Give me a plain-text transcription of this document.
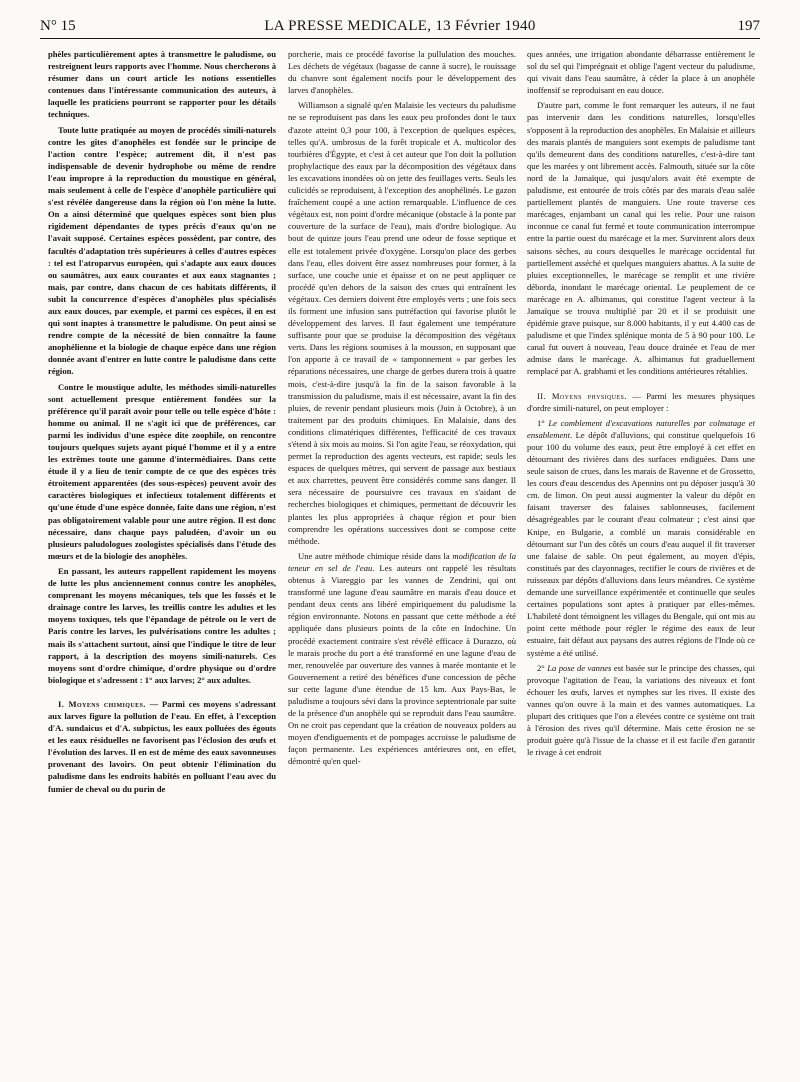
N° 15	LA PRESSE MEDICALE, 13 Février 1940	197

phèles particulièrement aptes à transmettre le paludisme, ou restreignent leurs rapports avec l'homme. Nous chercherons à résumer dans un court article les notions essentielles contenues dans l'intéressante communication des auteurs, à laquelle les praticiens pourront se rapporter pour les détails techniques.

Toute lutte pratiquée au moyen de procédés simili-naturels contre les gîtes d'anophèles est fondée sur le principe de l'action contre l'espèce; autrement dit, il n'est pas indispensable de devenir hydrophobe ou même de rendre l'eau impropre à la reproduction du moustique en général, mais seulement à celle de l'espèce d'anophèle particulière qui s'est révélée dangereuse dans la région où l'on mène la lutte. On a ainsi déterminé que quelques espèces sont bien plus rigidement dépendantes de types précis d'eaux qu'on ne l'avait supposé. Certaines espèces possèdent, par contre, des facultés d'adaptation très supérieures à celles d'autres espèces : tel est l'atroparvus européen, qui s'adapte aux eaux douces ou saumâtres, aux eaux courantes et aux eaux stagnantes ; mais, par contre, dans chacun de ces habitats différents, il subit la concurrence d'espèces d'anophèles plus spécialisés aux eaux douces, par exemple, et parmi ces espèces, il en est qui sont inaptes à transmettre le paludisme. On peut ainsi se rendre compte de la nécessité de bien connaître la faune anophélienne et la biologie de chaque espèce dans une région donnée avant d'entrer en lutte contre le paludisme dans cette région.

Contre le moustique adulte, les méthodes simili-naturelles sont actuellement presque entièrement fondées sur la préférence qu'il paraît avoir pour telle ou telle espèce d'hôte : homme ou animal. Il ne s'agit ici que de préférences, car parmi les individus d'une espèce dite zoophile, on rencontre toujours quelques sujets ayant piqué l'homme et il y a entre les extrêmes toute une gamme d'intermédiaires. Dans cette étude il y a lieu de tenir compte de ce que des espèces très étroitement apparentées (des sous-espèces) peuvent avoir des caractères biologiques et infectieux totalement différents et qu'une étude d'une espèce donnée, faite dans une région, n'est pas obligatoirement valable pour une autre région. Il est donc nécessaire, dans chaque pays paludéen, d'avoir un ou plusieurs paludologues zoologistes spécialisés dans l'étude des mœurs et de la biologie des anophèles.

En passant, les auteurs rappellent rapidement les moyens de lutte les plus anciennement connus contre les anophèles, comprenant les moyens mécaniques, tels que les fossés et le drainage contre les larves, les treillis contre les adultes et les moyens toxiques, tels que l'épandage de pétrole ou le vert de Paris contre les larves, les pulvérisations contre les adultes ; mais ils s'attachent surtout, ainsi que l'indique le titre de leur rapport, à la description des moyens simili-naturels. Ces moyens sont d'ordre chimique, d'ordre physique ou d'ordre biologique et s'adressent : 1° aux larves; 2° aux adultes.

I. Moyens chimiques. — Parmi ces moyens s'adressant aux larves figure la pollution de l'eau. En effet, à l'exception d'A. sundaicus et d'A. subpictus, les eaux polluées des égouts et les eaux résiduelles ne favorisent pas l'éclosion des œufs et l'évolution des larves. Il en est de même des eaux savonneuses provenant des lavoirs. On peut obtenir l'élimination du paludisme dans les endroits habités en polluant l'eau avec du fumier de cheval ou du purin de

porcherie, mais ce procédé favorise la pullulation des mouches. Les déchets de végétaux (bagasse de canne à sucre), le rouissage du chanvre sont également nocifs pour le développement des larves d'anophèles.

Williamson a signalé qu'en Malaisie les vecteurs du paludisme ne se reproduisent pas dans les eaux peu profondes dont le taux d'azote atteint 0,3 pour 100, à l'exception de quelques espèces, telles qu'A. umbrosus de la forêt tropicale et A. multicolor des tourbières d'Égypte, et c'est à cet auteur que l'on doit la pollution prophylactique des eaux par la décomposition des végétaux dans les excavations inondées où on jette des feuillages verts. Seuls les culicidés se reproduisent, à l'exception des anophélinés. Le gazon fraîchement coupé a une action remarquable. L'influence de ces végétaux est, non point d'ordre mécanique (obstacle à la ponte par couverture de la surface de l'eau), mais d'ordre biologique. Au bout de quinze jours l'eau prend une odeur de fosse septique et elle est totalement privée d'oxygène. Lorsqu'on place des gerbes dans l'eau, elles doivent être assez nombreuses pour former, à la surface, une couche unie et épaisse et on ne peut appliquer ce procédé qu'en dehors de la saison des crues qui entraînent les végétaux. Ces derniers doivent être employés verts ; une fois secs ils forment une infusion sans putréfaction qui favorise plutôt le développement des larves. Il faut également une température suffisante pour que se produise la décomposition des végétaux verts. Dans les régions soumises à la mousson, en supposant que l'on apporte à ce travail de « tamponnement » par gerbes les réparations nécessaires, une charge de gerbes durera trois à quatre mois, c'est-à-dire jusqu'à la fin de la saison favorable à la transmission du paludisme, mais il est nécessaire, avant la fin des pluies, de revenir pendant plusieurs mois (Juin à Octobre), à un traitement par des produits chimiques. En Malaisie, dans des conditions climatériques différentes, l'efficacité de ces travaux s'étend à six mois au moins. Si l'on agite l'eau, se réoxydation, qui permet la reproduction des agents vecteurs, est rapide; seuls les espaces de quelques mètres, qui servent de passage aux bestiaux et aux charrettes, peuvent être considérés comme sans danger. Il sera nécessaire de poursuivre ces travaux en s'aidant de recherches biologiques et chimiques, permettant de découvrir les plantes les plus appropriées à chaque région et pour bien comprendre les opérations successives dont se compose cette méthode.

Une autre méthode chimique réside dans la modification de la teneur en sel de l'eau. Les auteurs ont rappelé les résultats obtenus à Viareggio par les vannes de Zendrini, qui ont transformé une lagune d'eau saumâtre en marais d'eau douce et pendant deux cents ans libéré empiriquement du paludisme la région environnante. Notons en passant que cette méthode a été appliquée dans plusieurs points de la côte en Indochine. Un procédé exactement contraire s'est révélé efficace à Durazzo, où le marais proche du port a été transformé en une lagune d'eau de mer, renouvelée par ouverture des vannes à marée montante et le Gouvernement a retiré des bénéfices d'une concession de pêche sur cette lagune d'une étendue de 15 km. Aux Pays-Bas, le paludisme a toujours sévi dans la province septentrionale par suite de la présence d'un anophèle qui se reproduit dans l'eau saumâtre. On ne croit pas cependant que la création de nouveaux polders au moyen d'endiguements et de pompages accroisse le paludisme de façon permanente. Les expériences antérieures ont, en effet, démontré qu'en quel-

ques années, une irrigation abondante débarrasse entièrement le sol du sel qui l'imprégnait et oblige l'agent vecteur du paludisme, qui vivait dans l'eau saumâtre, à céder la place à un anophèle inoffensif se reproduisant en eau douce.

D'autre part, comme le font remarquer les auteurs, il ne faut pas intervenir dans les conditions naturelles, lorsqu'elles s'opposent à la reproduction des anophèles. En Malaisie et ailleurs des marais plantés de manguiers sont exempts de paludisme tant qu'ils demeurent dans des conditions naturelles, c'est-à-dire tant que les marées y ont librement accès. Falmouth, située sur la côte nord de la Jamaïque, qui jusqu'alors avait été exempte de paludisme, est entourée de trois côtés par des marais d'eau salée partiellement plantés de manguiers. Une route traverse ces marécages, enjambant un canal qui les relie. Pour une raison inconnue ce canal fut fermé et toute communication interrompue entre la partie ouest du marécage et la mer. Survinrent alors deux saisons sèches, au cours desquelles le marécage occidental fut partiellement asséché et quelques manguiers abattus. A la suite de pluies exceptionnelles, le marécage se remplit et une rivière déborda, inondant le marécage oriental. Le peuplement de ce marécage en A. albimanus, qui constitue l'agent vecteur à la Jamaïque se trouva multiplié par 20 et il se produisit une épidémie grave puisque, sur 8.000 habitants, il y eut 4.400 cas de paludisme et que l'index splénique monta de 5 à 90 pour 100. Le canal fut ouvert à nouveau, l'eau douce drainée et l'eau de mer admise dans le marécage. A. albimanus fut graduellement remplacé par A. grabhami et les conditions antérieures rétablies.

II. Moyens physiques. — Parmi les mesures physiques d'ordre simili-naturel, on peut employer :

1° Le comblement d'excavations naturelles par colmatage et ensablement. Le dépôt d'alluvions, qui constitue quelquefois 16 pour 100 du volume des eaux, peut être employé à cet effet en détournant des rivières dans des surfaces endiguées. Dans une seule saison de crues, dans les marais de Ravenne et de Grossetto, les cours d'eau descendus des Apennins ont pu déposer jusqu'à 30 cm. de limon. On peut aussi augmenter la valeur du dépôt en faisant traverser des falaises sablonneuses, facilement désagrégeables par le courant d'eau colmateur ; c'est ainsi que Knipe, en Bulgarie, a comblé un marais considérable en détournant sur l'un des côtés un cours d'eau auquel il fit traverser une falaise de sable. On peut également, au moyen d'épis, constitués par des clayonnages, rectifier le cours de rivières et de ruisseaux par dépôts d'alluvions dans leurs méandres. Ce système demande une surveillance expérimentée et continuelle que seules certaines populations sont aptes à pratiquer par elles-mêmes. L'habileté dont témoignent les villages du Bengale, qui ont mis au point cette méthode pour régler le régime des eaux de leur estuaire, fait défaut aux paysans des autres régions de l'Inde où ce système a été utilisé.

2° La pose de vannes est basée sur le principe des chasses, qui provoque l'agitation de l'eau, la variations des niveaux et font échouer les œufs, larves et nymphes sur les rives. Il existe des vannes qu'on ouvre à la main et des vannes automatiques. La plupart des critiques que l'on a élevées contre ce système ont trait à l'érosion des rives qu'il détermine. Mais cette érosion ne se produit guère qu'à l'issue de la chasse et il est facile d'en garantir le rivage à cet endroit
